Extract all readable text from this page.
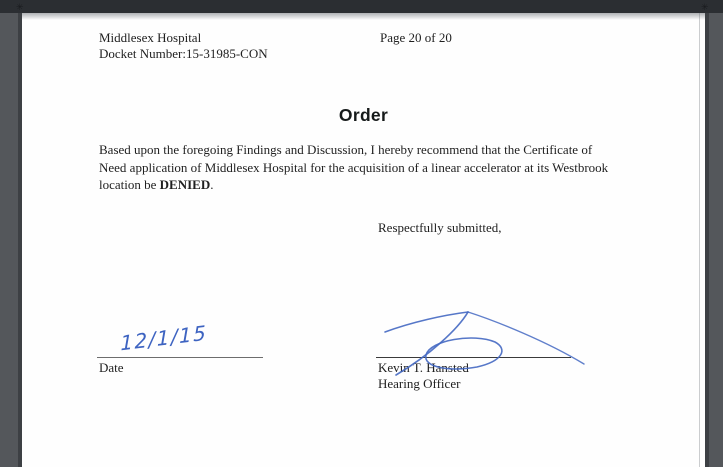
✳	✳
Middlesex Hospital
Docket Number:15-31985-CON
Page 20 of 20
Order
Based upon the foregoing Findings and Discussion, I hereby recommend that the Certificate of
Need application of Middlesex Hospital for the acquisition of a linear accelerator at its Westbrook
location be DENIED.
Respectfully submitted,
12/1/15
Date	Kevin T. Hansted
Hearing Officer
